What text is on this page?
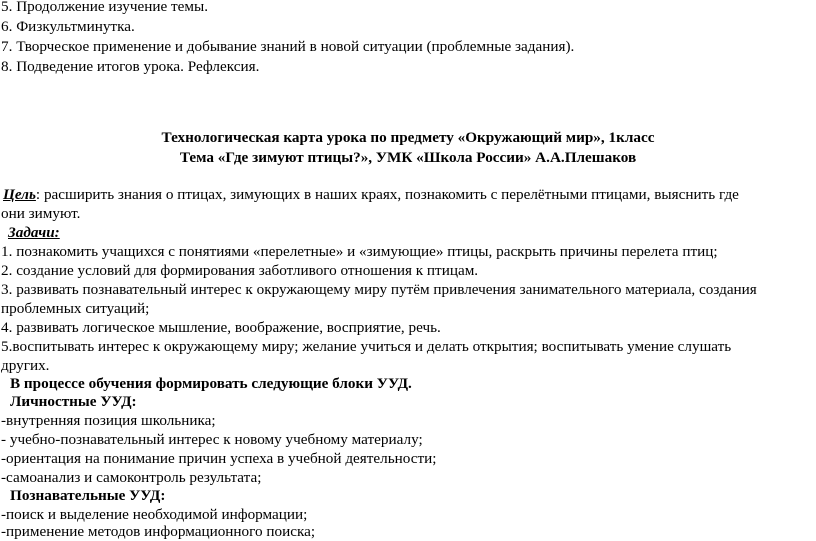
5. Продолжение изучение темы.
6. Физкультминутка.
7. Творческое применение и добывание знаний в новой ситуации (проблемные задания).
8. Подведение итогов урока. Рефлексия.
Технологическая карта урока по предмету «Окружающий мир», 1класс
Тема «Где зимуют птицы?», УМК «Школа России» А.А.Плешаков
Цель: расширить знания о птицах, зимующих в наших краях, познакомить с перелётными птицами, выяснить где
они зимуют.
Задачи:
1. познакомить учащихся с понятиями «перелетные» и «зимующие» птицы, раскрыть причины перелета птиц;
2. создание условий для формирования заботливого отношения к птицам.
3. развивать познавательный интерес к окружающему миру путём привлечения занимательного материала, создания
проблемных ситуаций;
4. развивать логическое мышление, воображение, восприятие, речь.
5.воспитывать интерес к окружающему миру; желание учиться и делать открытия; воспитывать умение слушать
других.
В процессе обучения формировать следующие блоки УУД.
Личностные УУД:
-внутренняя позиция школьника;
- учебно-познавательный интерес к новому учебному материалу;
-ориентация на понимание причин успеха в учебной деятельности;
-самоанализ и самоконтроль результата;
Познавательные УУД:
-поиск и выделение необходимой информации;
-применение методов информационного поиска;
